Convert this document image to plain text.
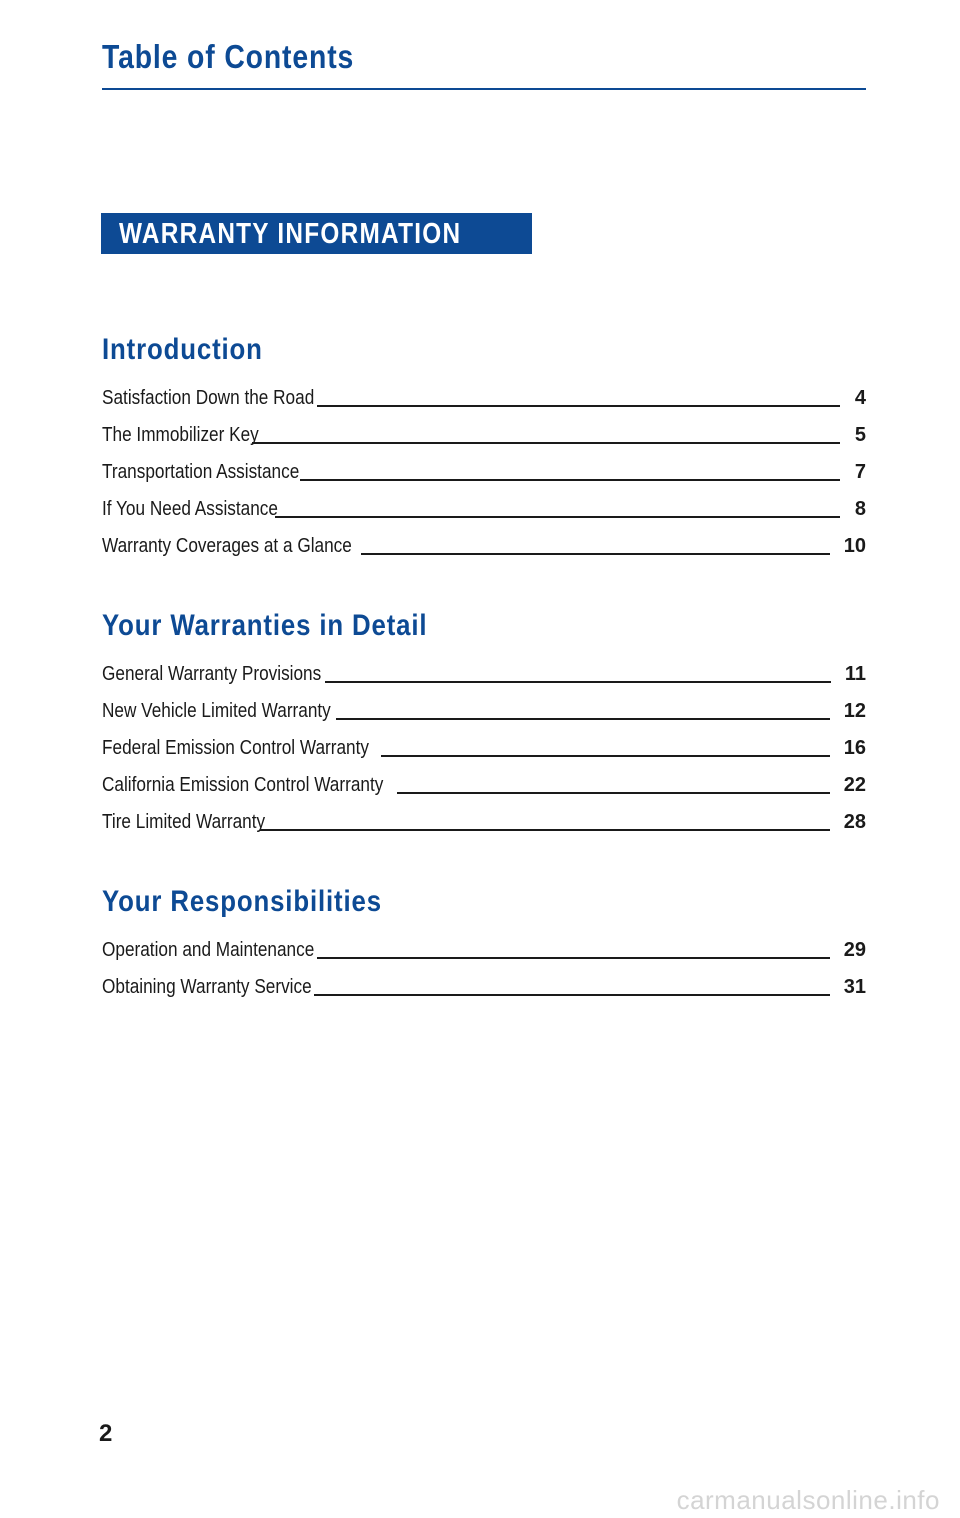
Table of Contents
WARRANTY INFORMATION
Introduction
Satisfaction Down the Road	4
The Immobilizer Key	5
Transportation Assistance	7
If You Need Assistance	8
Warranty Coverages at a Glance	10
Your Warranties in Detail
General Warranty Provisions	11
New Vehicle Limited Warranty	12
Federal Emission Control Warranty	16
California Emission Control Warranty	22
Tire Limited Warranty	28
Your Responsibilities
Operation and Maintenance	29
Obtaining Warranty Service	31
2
carmanualsonline.info
